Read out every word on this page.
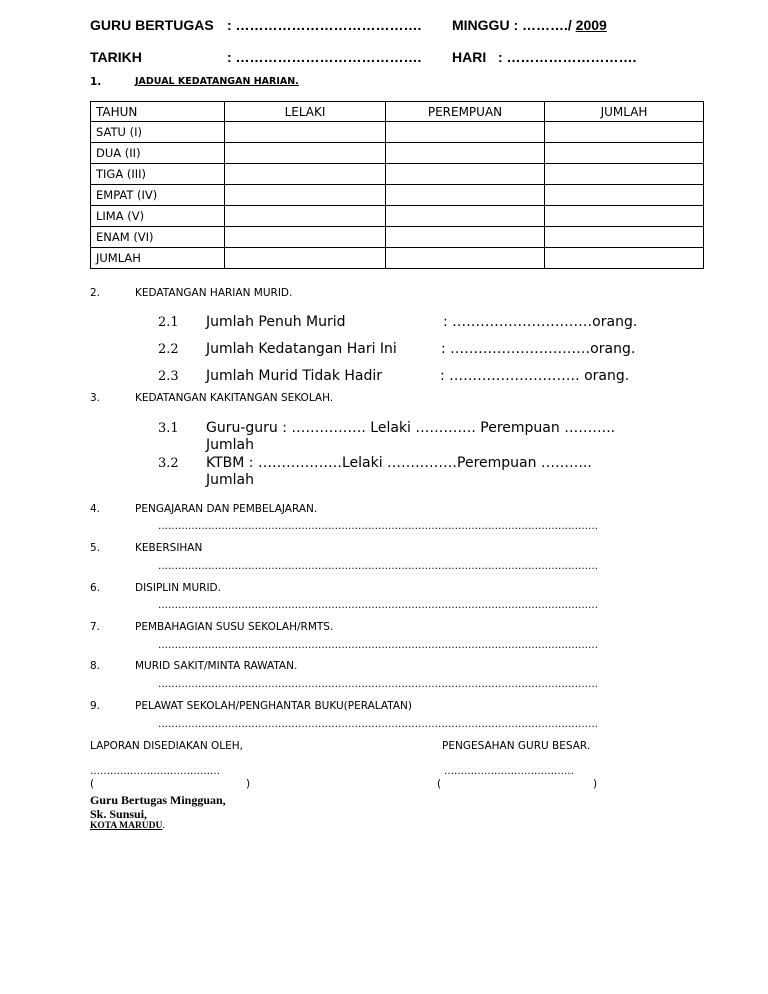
GURU BERTUGAS : …………………………………. MINGGU : ………./ 2009
TARIKH	: …………………………………. HARI : ……………………….
1.	JADUAL KEDATANGAN HARIAN.
TAHUN	LELAKI	PEREMPUAN	JUMLAH
SATU (I)			
DUA (II)			
TIGA (III)			
EMPAT (IV)			
LIMA (V)			
ENAM (VI)			
JUMLAH			
2.	KEDATANGAN HARIAN MURID.
2.1 Jumlah Penuh Murid	: …………………………orang.
2.2 Jumlah Kedatangan Hari Ini	: …………………………orang.
2.3 Jumlah Murid Tidak Hadir	: ………………………. orang.
3.	KEDATANGAN KAKITANGAN SEKOLAH.
3.1 Guru-guru : ……………. Lelaki …………. Perempuan ………..
Jumlah
3.2 KTBM : ………………Lelaki ……………Perempuan ………..
Jumlah
4.	PENGAJARAN DAN PEMBELAJARAN.
……………………………………………………………………………………………………………………
5.	KEBERSIHAN
……………………………………………………………………………………………………………………
6.	DISIPLIN MURID.
……………………………………………………………………………………………………………………
7.	PEMBAHAGIAN SUSU SEKOLAH/RMTS.
……………………………………………………………………………………………………………………
8.	MURID SAKIT/MINTA RAWATAN.
……………………………………………………………………………………………………………………
9.	PELAWAT SEKOLAH/PENGHANTAR BUKU(PERALATAN)
……………………………………………………………………………………………………………………
LAPORAN DISEDIAKAN OLEH,	PENGESAHAN GURU BESAR.
…………………………………	…………………………………
(	)	(	)
Guru Bertugas Mingguan,
Sk. Sunsui,
KOTA MARUDU.
